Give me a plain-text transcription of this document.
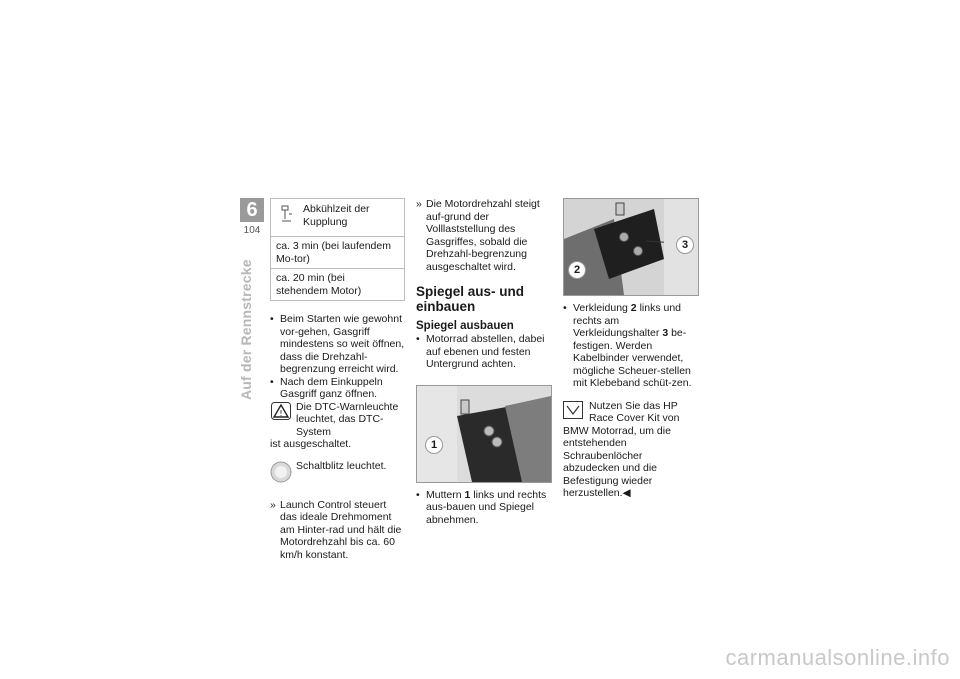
6
104
Auf der Rennstrecke
Abkühlzeit der Kupplung
ca. 3 min (bei laufendem Mo-tor)
ca. 20 min (bei stehendem Motor)
• Beim Starten wie gewohnt vor-gehen, Gasgriff mindestens so weit öffnen, dass die Drehzahl-begrenzung erreicht wird.
• Nach dem Einkuppeln Gasgriff ganz öffnen.
!
Die DTC-Warnleuchte
leuchtet, das DTC-System
ist ausgeschaltet.
Schaltblitz leuchtet.
» Launch Control steuert das ideale Drehmoment am Hinter-rad und hält die Motordrehzahl bis ca. 60 km/h konstant.
» Die Motordrehzahl steigt auf-grund der Volllaststellung des Gasgriffes, sobald die Drehzahl-begrenzung ausgeschaltet wird.
Spiegel aus- und einbauen
Spiegel ausbauen
• Motorrad abstellen, dabei auf ebenen und festen Untergrund achten.
1
• Muttern 1 links und rechts aus-bauen und Spiegel abnehmen.
3
2
• Verkleidung 2 links und rechts am Verkleidungshalter 3 be-festigen. Werden Kabelbinder verwendet, mögliche Scheuer-stellen mit Klebeband schüt-zen.
Nutzen Sie das HP
Race Cover Kit von
BMW Motorrad, um die entstehenden Schraubenlöcher abzudecken und die Befestigung wieder herzustellen.◀
carmanualsonline.info
